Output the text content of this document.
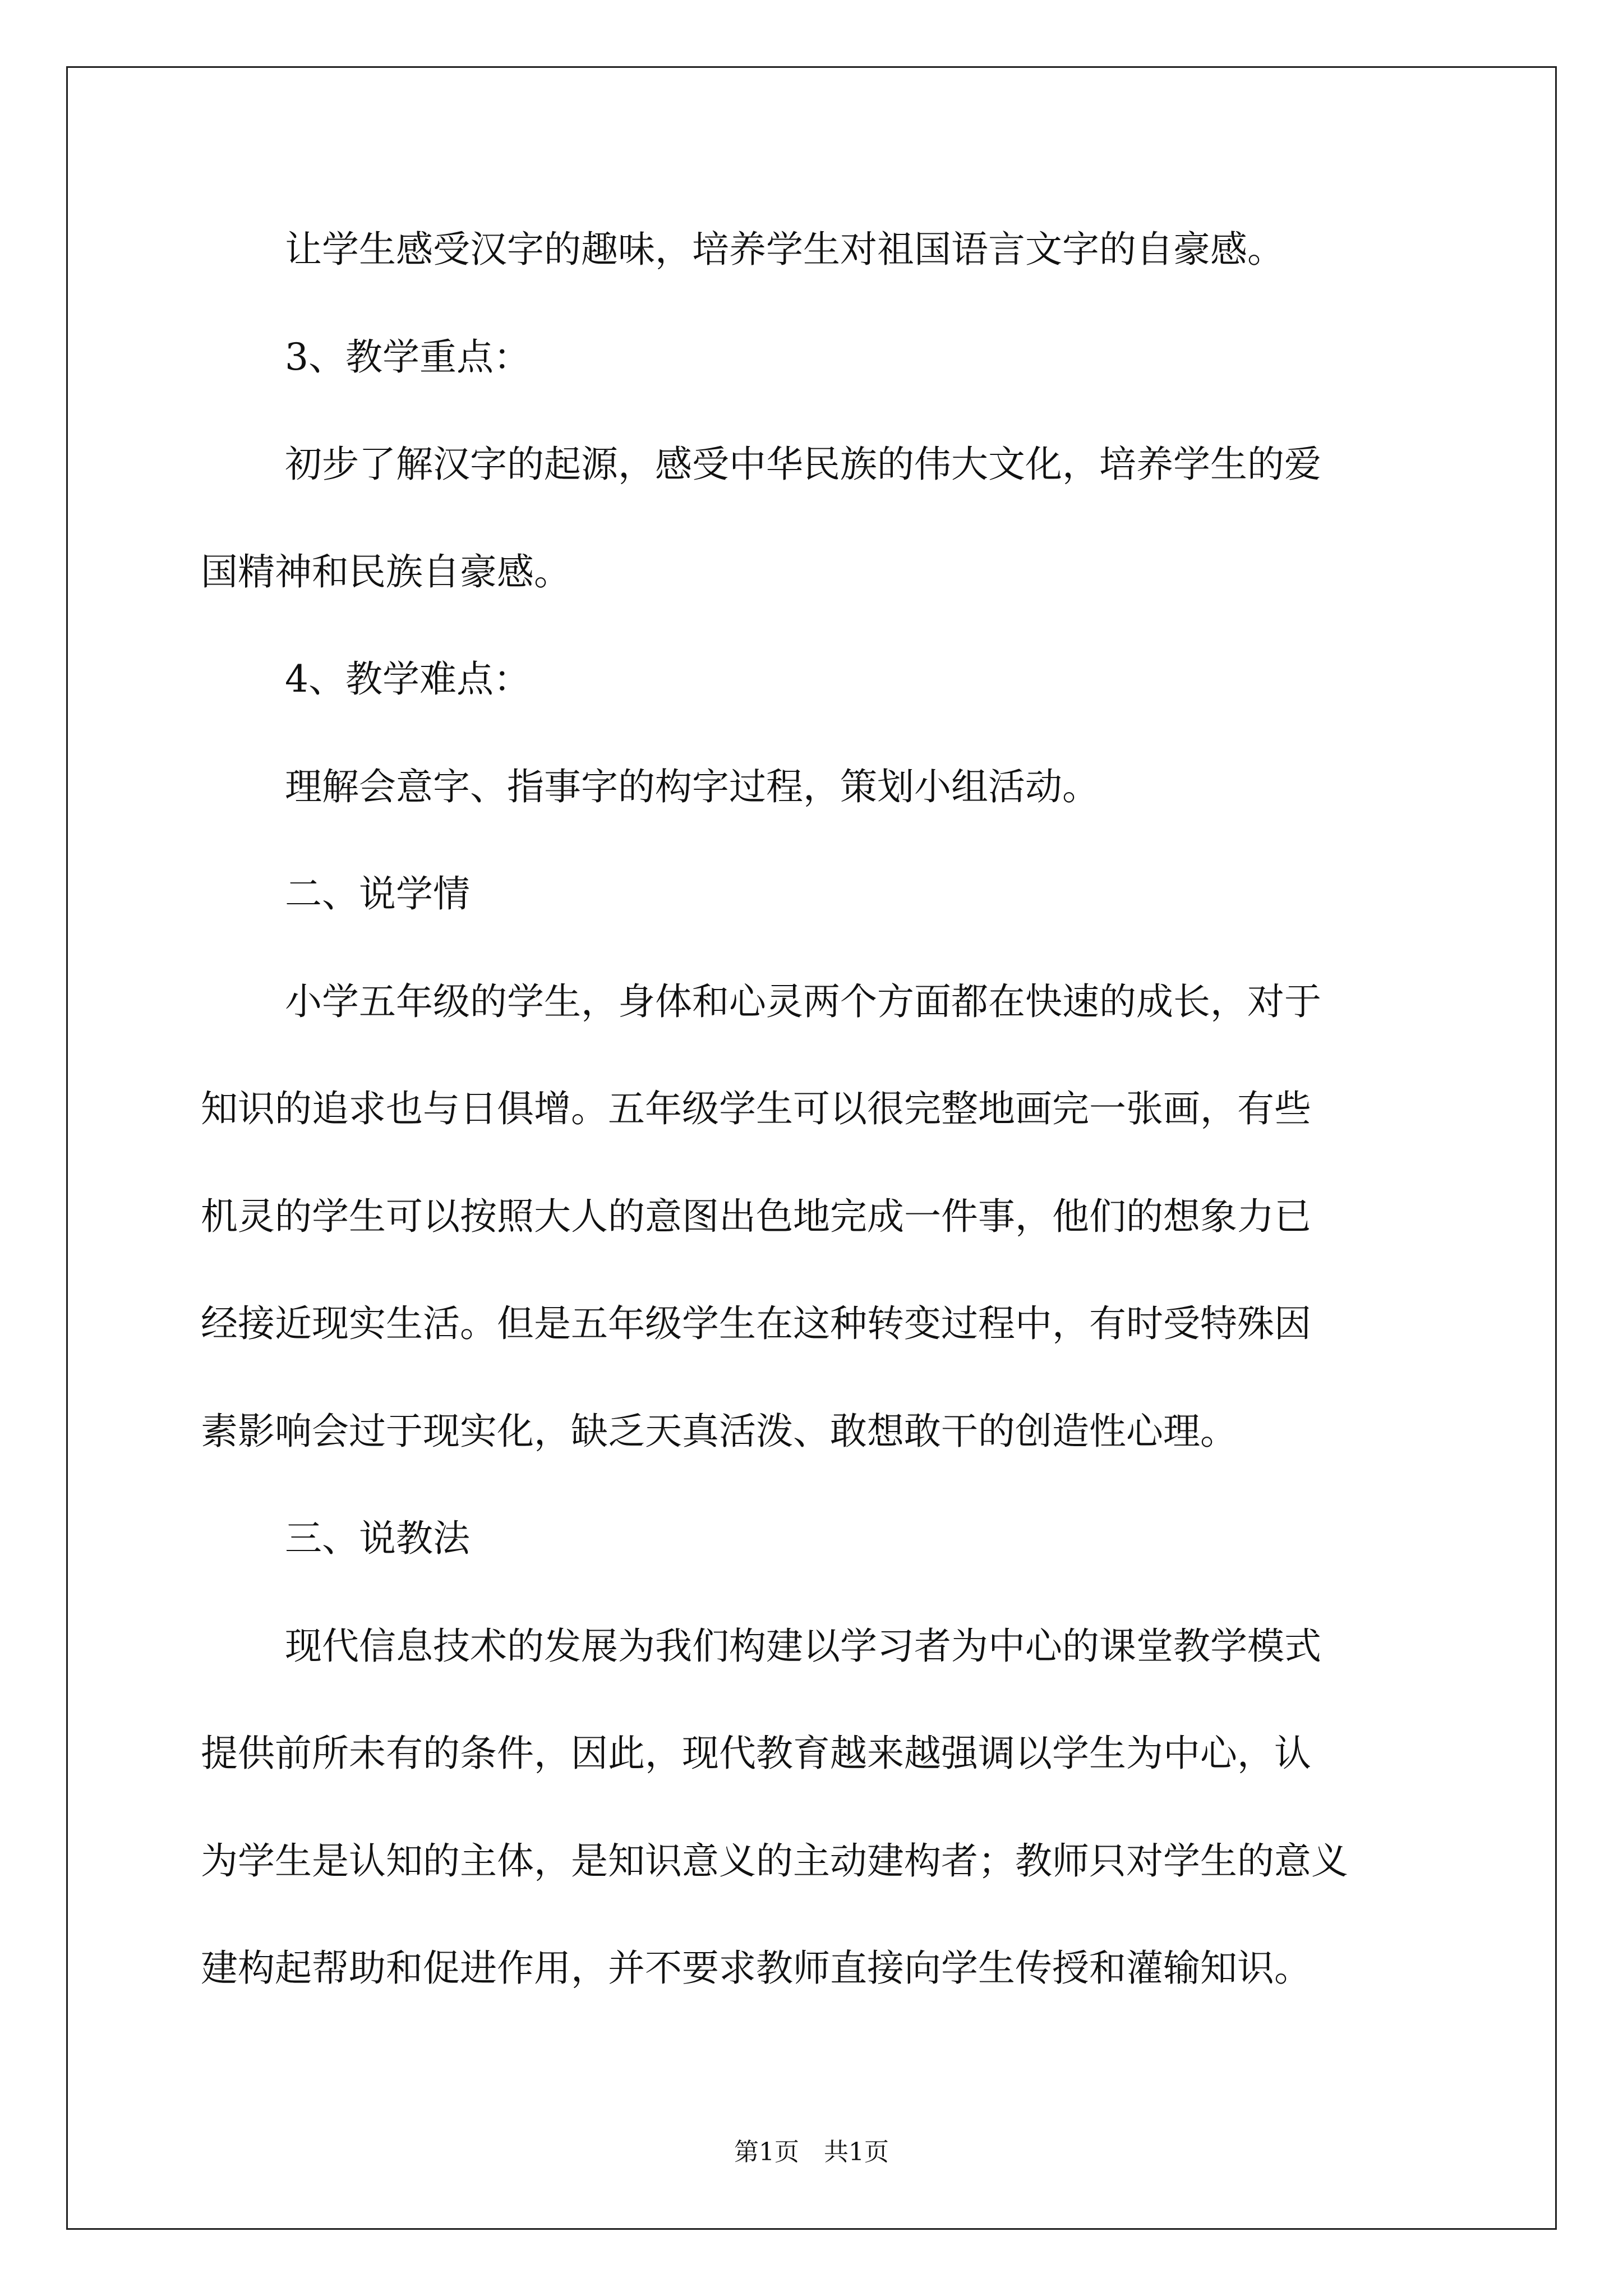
让学生感受汉字的趣味，培养学生对祖国语言文字的自豪感。
3、教学重点：
初步了解汉字的起源，感受中华民族的伟大文化，培养学生的爱
国精神和民族自豪感。
4、教学难点：
理解会意字、指事字的构字过程，策划小组活动。
二、说学情
小学五年级的学生，身体和心灵两个方面都在快速的成长，对于
知识的追求也与日俱增。五年级学生可以很完整地画完一张画，有些
机灵的学生可以按照大人的意图出色地完成一件事，他们的想象力已
经接近现实生活。但是五年级学生在这种转变过程中，有时受特殊因
素影响会过于现实化，缺乏天真活泼、敢想敢干的创造性心理。
三、说教法
现代信息技术的发展为我们构建以学习者为中心的课堂教学模式
提供前所未有的条件，因此，现代教育越来越强调以学生为中心，认
为学生是认知的主体，是知识意义的主动建构者；教师只对学生的意义
建构起帮助和促进作用，并不要求教师直接向学生传授和灌输知识。
第1页　共1页
